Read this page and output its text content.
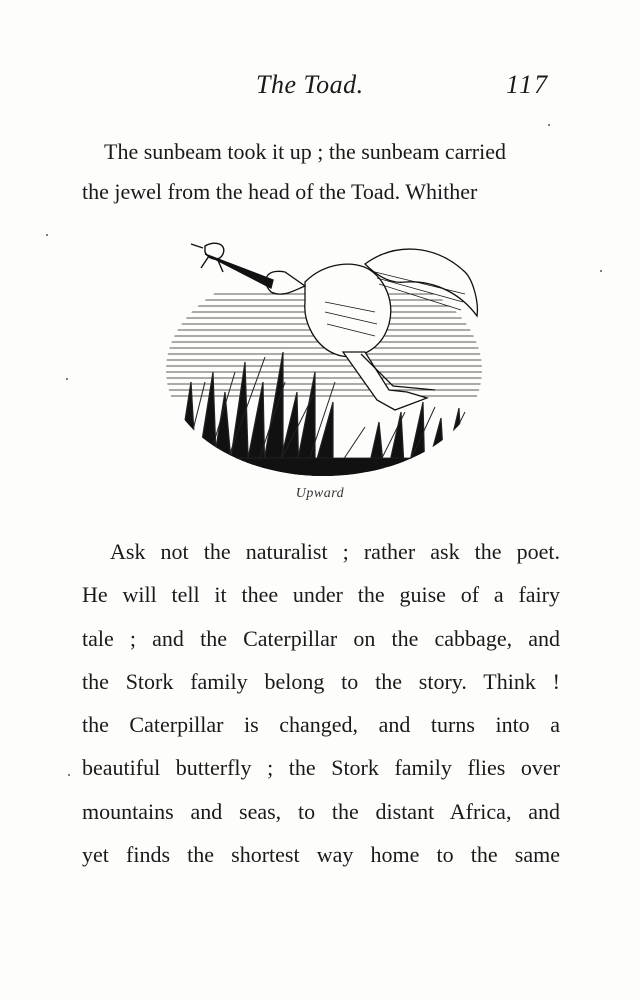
The Toad.	117

The sunbeam took it up ; the sunbeam carried
the jewel from the head of the Toad. Whither

Upward

Ask not the naturalist ; rather ask the poet.
He will tell it thee under the guise of a fairy
tale ; and the Caterpillar on the cabbage, and
the Stork family belong to the story. Think !
the Caterpillar is changed, and turns into a
beautiful butterfly ; the Stork family flies over
mountains and seas, to the distant Africa, and
yet finds the shortest way home to the same
